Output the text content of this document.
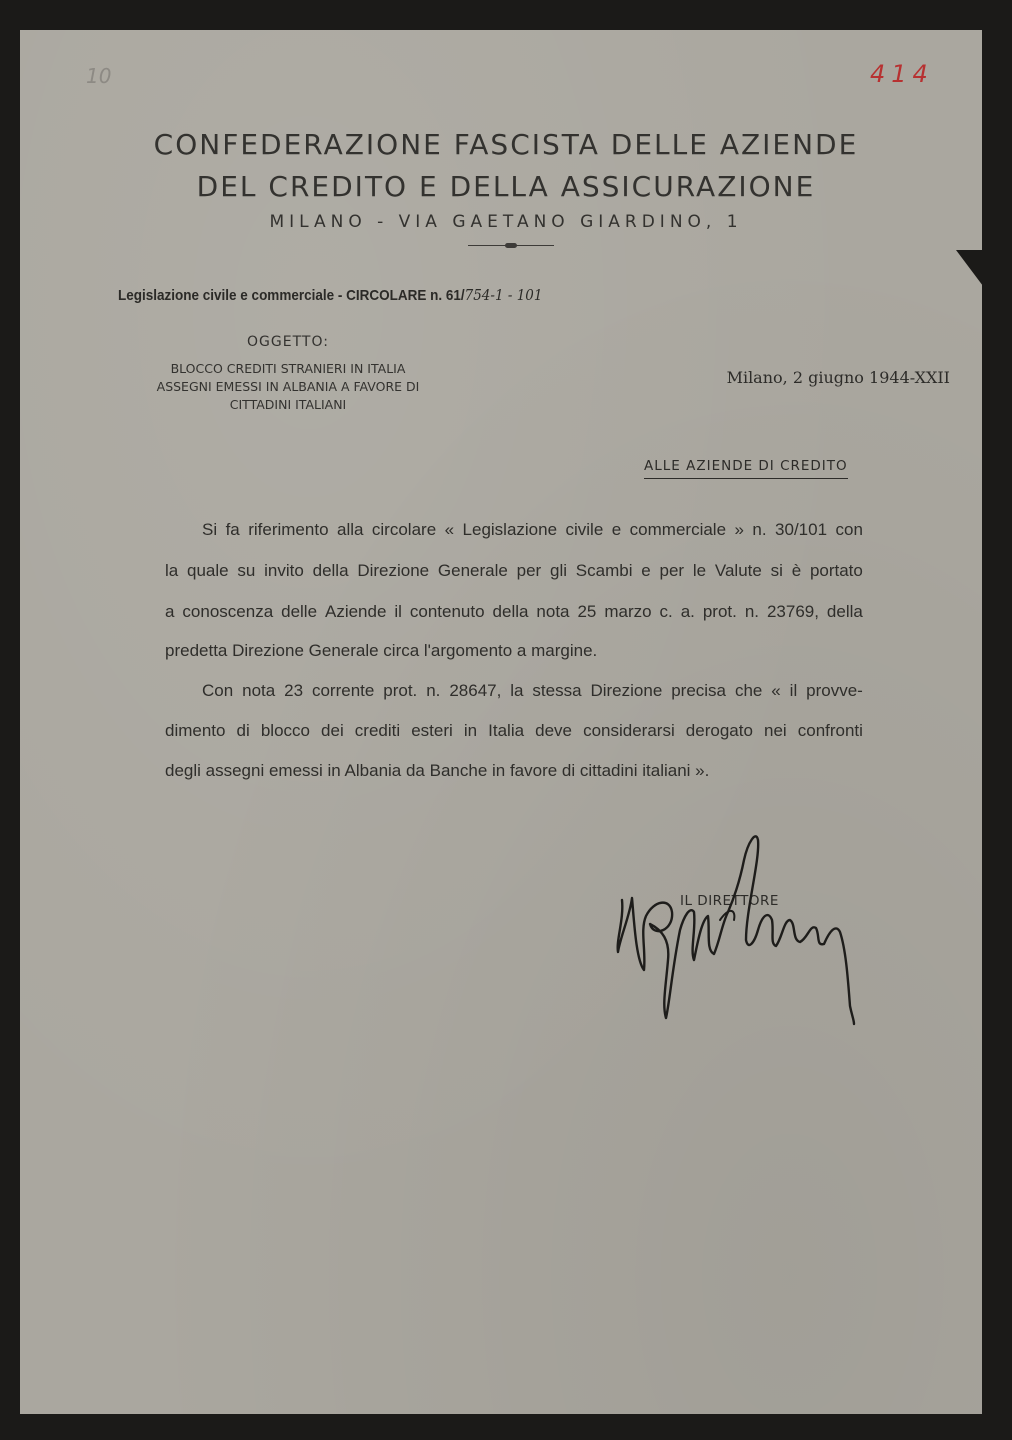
10	414

CONFEDERAZIONE FASCISTA DELLE AZIENDE

DEL CREDITO E DELLA ASSICURAZIONE

MILANO - VIA GAETANO GIARDINO, 1

Legislazione civile e commerciale - CIRCOLARE n. 61/754-1 - 101

OGGETTO:

BLOCCO CREDITI STRANIERI IN ITALIA

ASSEGNI EMESSI IN ALBANIA A FAVORE DI

CITTADINI ITALIANI

Milano, 2 giugno 1944-XXII

ALLE AZIENDE DI CREDITO

Si fa riferimento alla circolare « Legislazione civile e commerciale » n. 30/101 con

la quale su invito della Direzione Generale per gli Scambi e per le Valute si è portato

a conoscenza delle Aziende il contenuto della nota 25 marzo c. a. prot. n. 23769, della

predetta Direzione Generale circa l'argomento a margine.

Con nota 23 corrente prot. n. 28647, la stessa Direzione precisa che « il provve-

dimento di blocco dei crediti esteri in Italia deve considerarsi derogato nei confronti

degli assegni emessi in Albania da Banche in favore di cittadini italiani ».

IL DIRETTORE
